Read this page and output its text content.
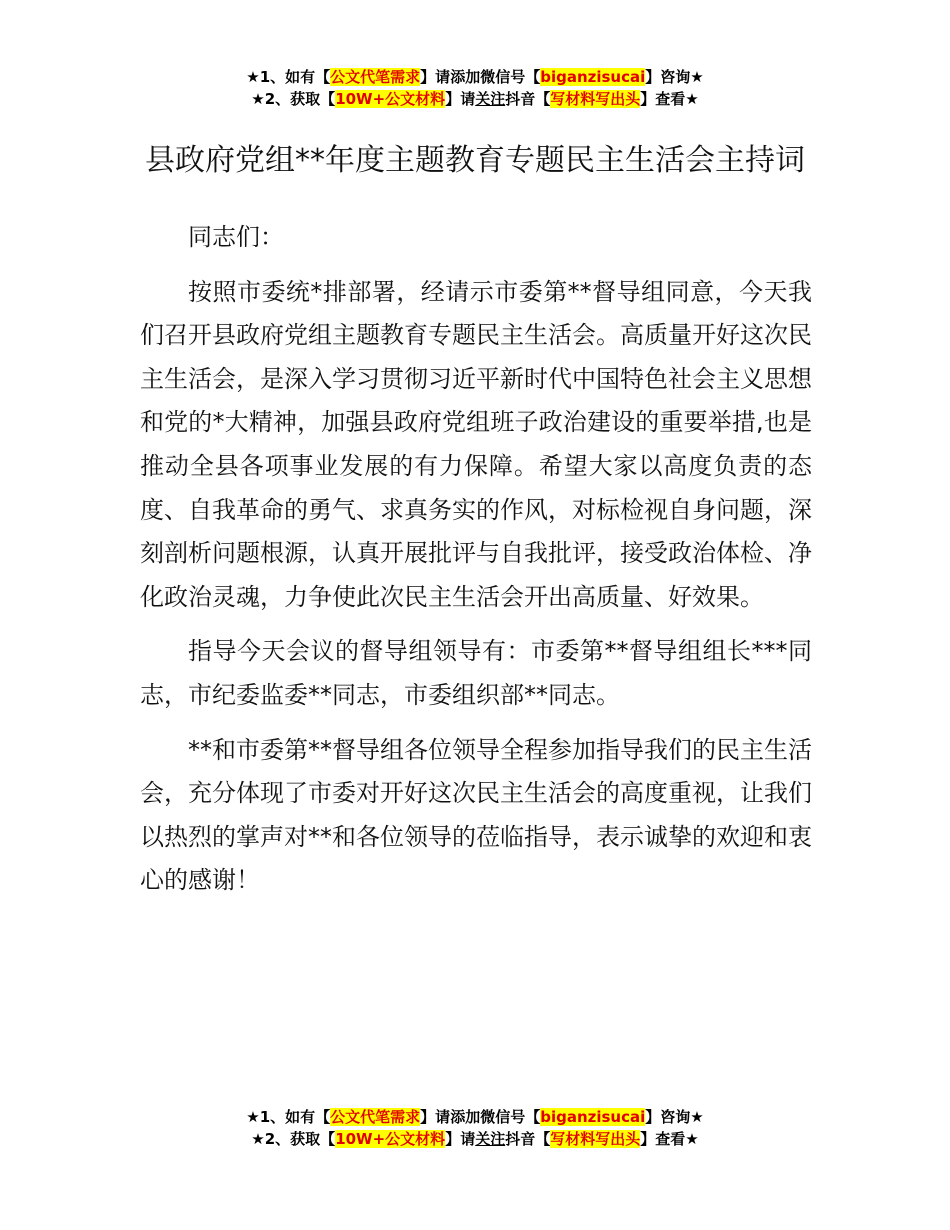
★1、如有【公文代笔需求】请添加微信号【biganzisucai】咨询★
★2、获取【10W+公文材料】请关注抖音【写材料写出头】查看★
县政府党组**年度主题教育专题民主生活会主持词

同志们：

按照市委统*排部署，经请示市委第**督导组同意，今天我们召开县政府党组主题教育专题民主生活会。高质量开好这次民主生活会，是深入学习贯彻习近平新时代中国特色社会主义思想和党的*大精神，加强县政府党组班子政治建设的重要举措,也是推动全县各项事业发展的有力保障。希望大家以高度负责的态度、自我革命的勇气、求真务实的作风，对标检视自身问题，深刻剖析问题根源，认真开展批评与自我批评，接受政治体检、净化政治灵魂，力争使此次民主生活会开出高质量、好效果。

指导今天会议的督导组领导有：市委第**督导组组长***同志，市纪委监委**同志，市委组织部**同志。

**和市委第**督导组各位领导全程参加指导我们的民主生活会，充分体现了市委对开好这次民主生活会的高度重视，让我们以热烈的掌声对**和各位领导的莅临指导，表示诚挚的欢迎和衷心的感谢！

★1、如有【公文代笔需求】请添加微信号【biganzisucai】咨询★
★2、获取【10W+公文材料】请关注抖音【写材料写出头】查看★
